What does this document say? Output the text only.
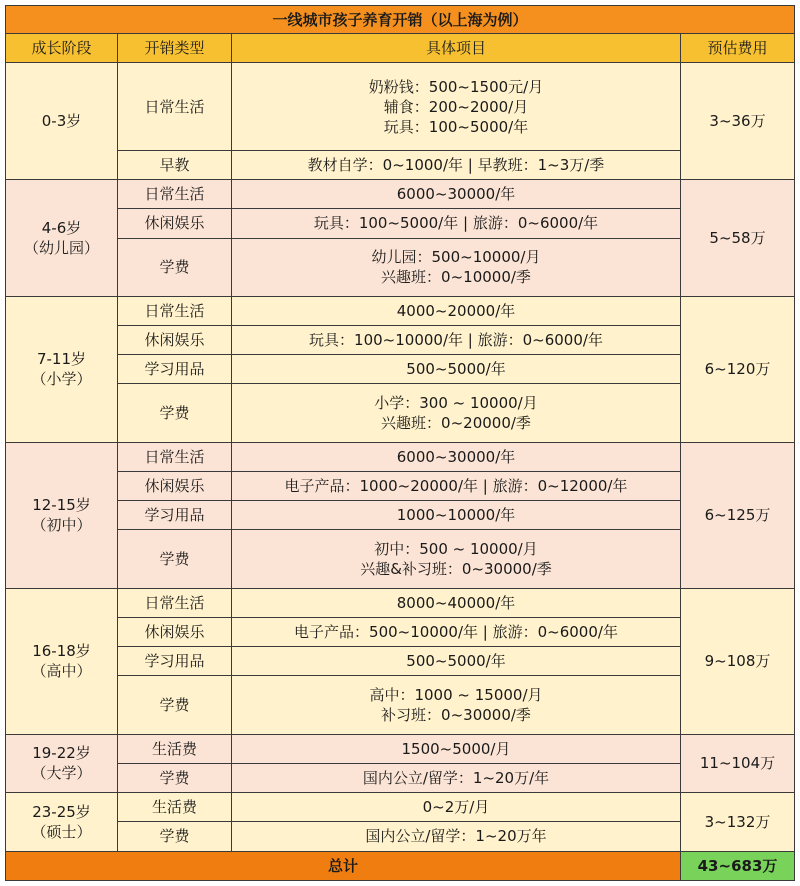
一线城市孩子养育开销（以上海为例）			
成长阶段	开销类型	具体项目	预估费用

0-3岁	日常生活	奶粉钱：500~1500元/月
辅食：200~2000/月
玩具：100~5000/年	3~36万
	早教	教材自学：0~1000/年 | 早教班：1~3万/季	

4-6岁
（幼儿园）	日常生活	6000~30000/年	5~58万
	休闲娱乐	玩具：100~5000/年 | 旅游：0~6000/年	

	学费	幼儿园：500~10000/月
兴趣班：0~10000/季	

7-11岁
（小学）	日常生活	4000~20000/年	6~120万
	休闲娱乐	玩具：100~10000/年 | 旅游：0~6000/年	

	学习用品	500~5000/年	

	学费	小学：300 ~ 10000/月
兴趣班：0~20000/季	

12-15岁
（初中）	日常生活	6000~30000/年	6~125万
	休闲娱乐	电子产品：1000~20000/年 | 旅游：0~12000/年	

	学习用品	1000~10000/年	

	学费	初中：500 ~ 10000/月
兴趣&补习班：0~30000/季	

16-18岁
（高中）	日常生活	8000~40000/年	9~108万
	休闲娱乐	电子产品：500~10000/年 | 旅游：0~6000/年	

	学习用品	500~5000/年	

	学费	高中：1000 ~ 15000/月
补习班：0~30000/季	

19-22岁
（大学）	生活费	1500~5000/月	11~104万
	学费	国内公立/留学：1~20万/年	

23-25岁
（硕士）	生活费	0~2万/月	3~132万
	学费	国内公立/留学：1~20万年	

总计			43~683万
